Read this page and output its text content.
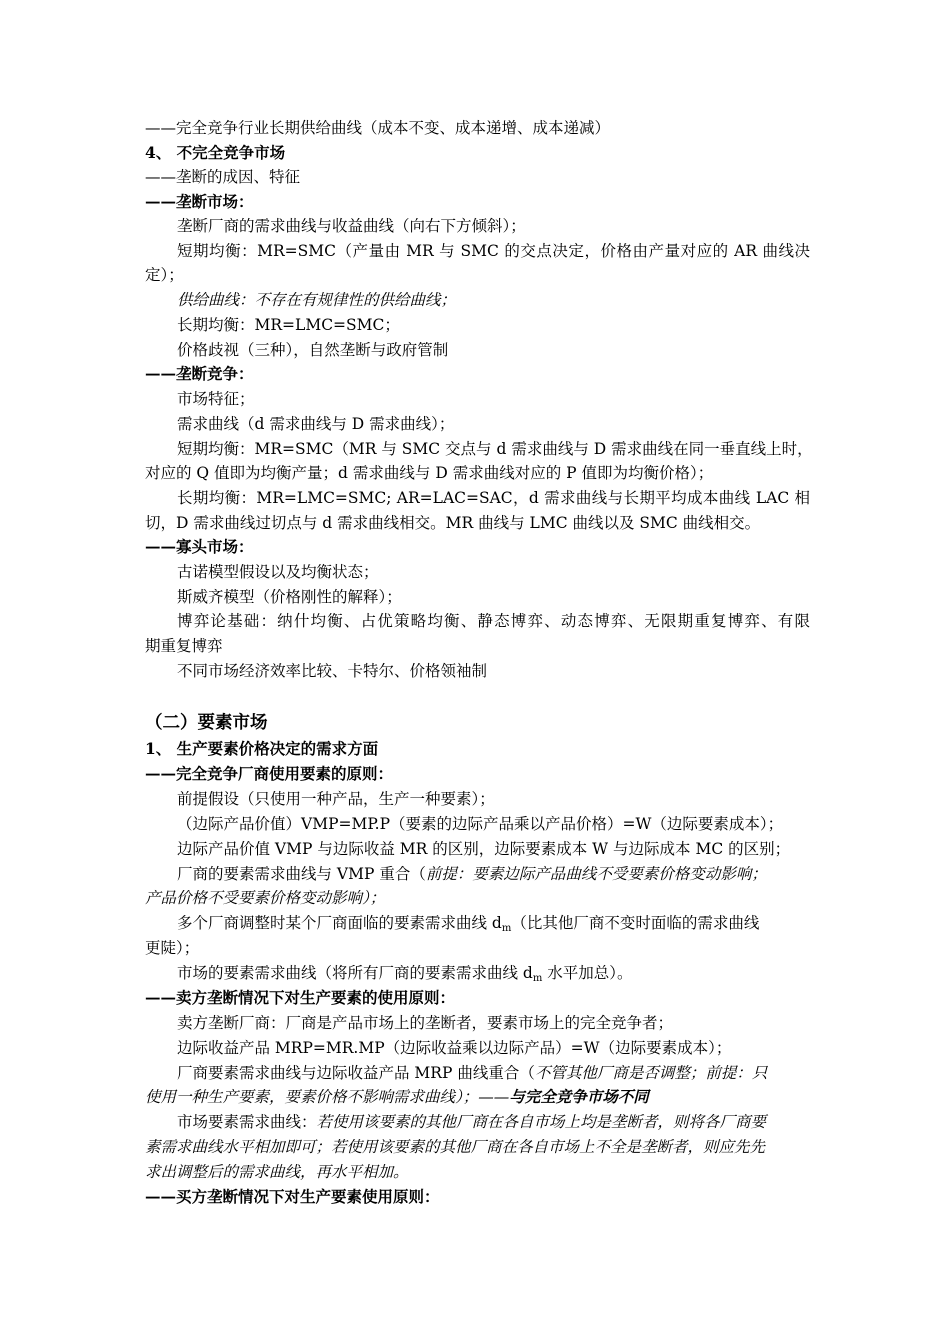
——完全竞争行业长期供给曲线（成本不变、成本递增、成本递减）
4、 不完全竞争市场
——垄断的成因、特征
——垄断市场：
垄断厂商的需求曲线与收益曲线（向右下方倾斜）；
短期均衡：MR=SMC（产量由 MR 与 SMC 的交点决定，价格由产量对应的 AR 曲线决
定）；
供给曲线：不存在有规律性的供给曲线；
长期均衡：MR=LMC=SMC；
价格歧视（三种），自然垄断与政府管制
——垄断竞争：
市场特征；
需求曲线（d 需求曲线与 D 需求曲线）；
短期均衡：MR=SMC（MR 与 SMC 交点与 d 需求曲线与 D 需求曲线在同一垂直线上时，
对应的 Q 值即为均衡产量；d 需求曲线与 D 需求曲线对应的 P 值即为均衡价格）；
长期均衡：MR=LMC=SMC; AR=LAC=SAC，d 需求曲线与长期平均成本曲线 LAC 相
切，D 需求曲线过切点与 d 需求曲线相交。MR 曲线与 LMC 曲线以及 SMC 曲线相交。
——寡头市场：
古诺模型假设以及均衡状态；
斯威齐模型（价格刚性的解释）；
博弈论基础：纳什均衡、占优策略均衡、静态博弈、动态博弈、无限期重复博弈、有限
期重复博弈
不同市场经济效率比较、卡特尔、价格领袖制
（二）要素市场
1、 生产要素价格决定的需求方面
——完全竞争厂商使用要素的原则：
前提假设（只使用一种产品，生产一种要素）；
（边际产品价值）VMP=MP.P（要素的边际产品乘以产品价格）=W（边际要素成本）；
边际产品价值 VMP 与边际收益 MR 的区别，边际要素成本 W 与边际成本 MC 的区别；
厂商的要素需求曲线与 VMP 重合（前提：要素边际产品曲线不受要素价格变动影响；
产品价格不受要素价格变动影响）；
多个厂商调整时某个厂商面临的要素需求曲线 $d_m$（比其他厂商不变时面临的需求曲线
更陡）；
市场的要素需求曲线（将所有厂商的要素需求曲线 $d_m$ 水平加总）。
——卖方垄断情况下对生产要素的使用原则：
卖方垄断厂商：厂商是产品市场上的垄断者，要素市场上的完全竞争者；
边际收益产品 MRP=MR.MP（边际收益乘以边际产品）=W（边际要素成本）；
厂商要素需求曲线与边际收益产品 MRP 曲线重合（不管其他厂商是否调整；前提：只
使用一种生产要素，要素价格不影响需求曲线）；——与完全竞争市场不同
市场要素需求曲线：若使用该要素的其他厂商在各自市场上均是垄断者，则将各厂商要
素需求曲线水平相加即可；若使用该要素的其他厂商在各自市场上不全是垄断者，则应先先
求出调整后的需求曲线，再水平相加。
——买方垄断情况下对生产要素使用原则：
